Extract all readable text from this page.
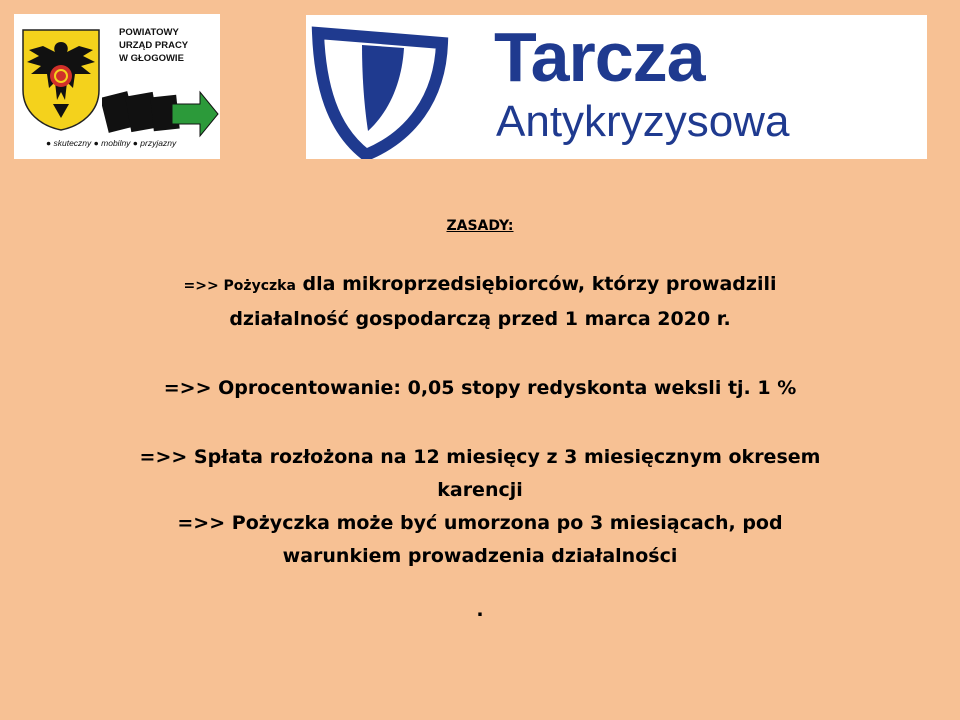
POWIATOWY
URZĄD PRACY
W GŁOGOWIE
● skuteczny ● mobilny ● przyjazny
Tarcza
Antykryzysowa
ZASADY:
=>> Pożyczka dla mikroprzedsiębiorców, którzy prowadzili
działalność gospodarczą przed 1 marca 2020 r.
=>> Oprocentowanie: 0,05 stopy redyskonta weksli tj. 1 %
=>> Spłata rozłożona na 12 miesięcy z 3 miesięcznym okresem
karencji
=>> Pożyczka może być umorzona po 3 miesiącach, pod
warunkiem prowadzenia działalności
.
